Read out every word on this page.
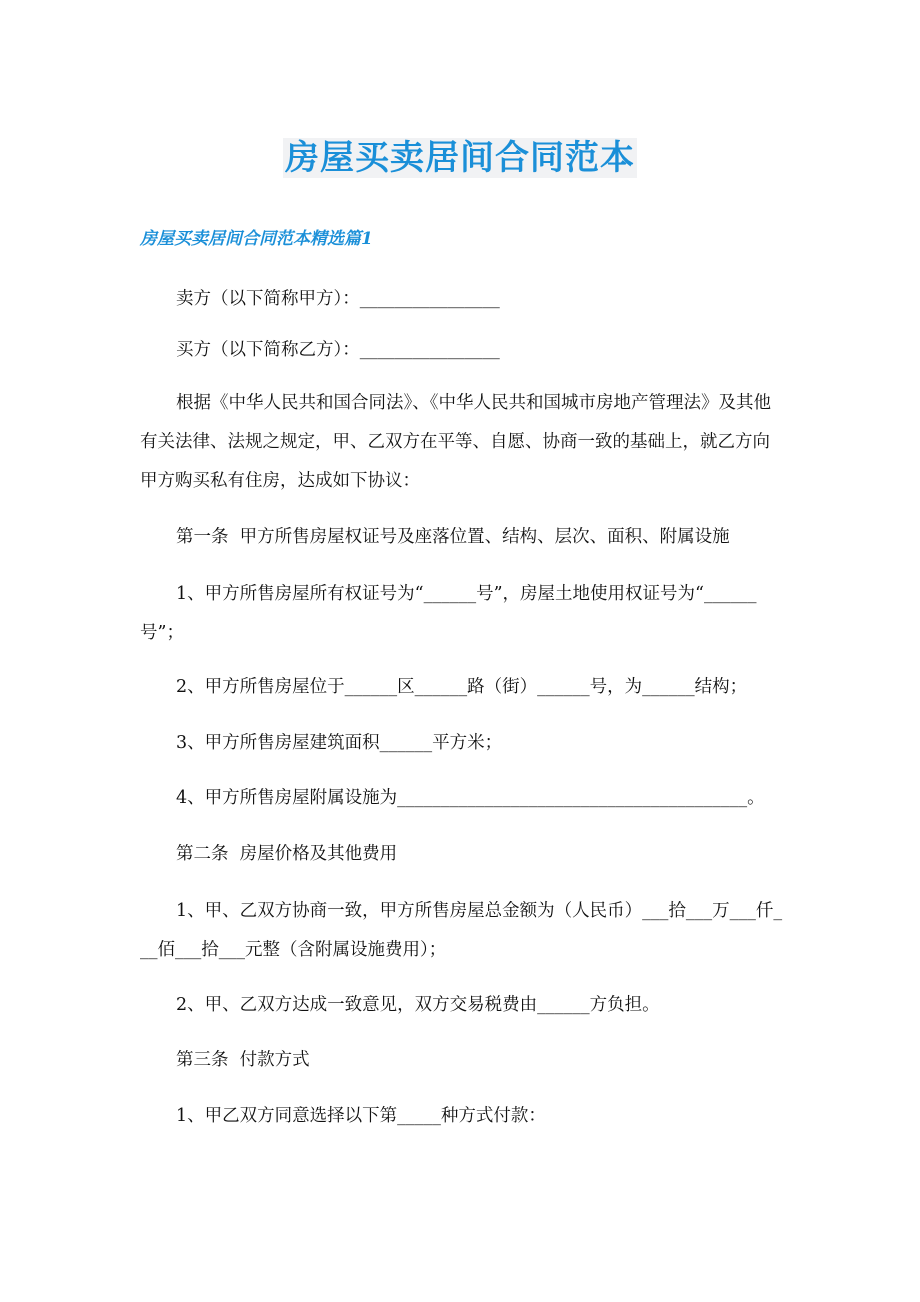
房屋买卖居间合同范本
房屋买卖居间合同范本精选篇1
卖方（以下简称甲方）：________________
买方（以下简称乙方）：________________
根据《中华人民共和国合同法》、《中华人民共和国城市房地产管理法》及其他有关法律、法规之规定，甲、乙双方在平等、自愿、协商一致的基础上，就乙方向甲方购买私有住房，达成如下协议：
第一条  甲方所售房屋权证号及座落位置、结构、层次、面积、附属设施
1、甲方所售房屋所有权证号为“______号”，房屋土地使用权证号为“______号”；
2、甲方所售房屋位于______区______路（街）______号，为______结构；
3、甲方所售房屋建筑面积______平方米；
4、甲方所售房屋附属设施为________________________________________。
第二条  房屋价格及其他费用
1、甲、乙双方协商一致，甲方所售房屋总金额为（人民币）___拾___万___仟___佰___拾___元整（含附属设施费用）；
2、甲、乙双方达成一致意见，双方交易税费由______方负担。
第三条  付款方式
1、甲乙双方同意选择以下第_____种方式付款：
